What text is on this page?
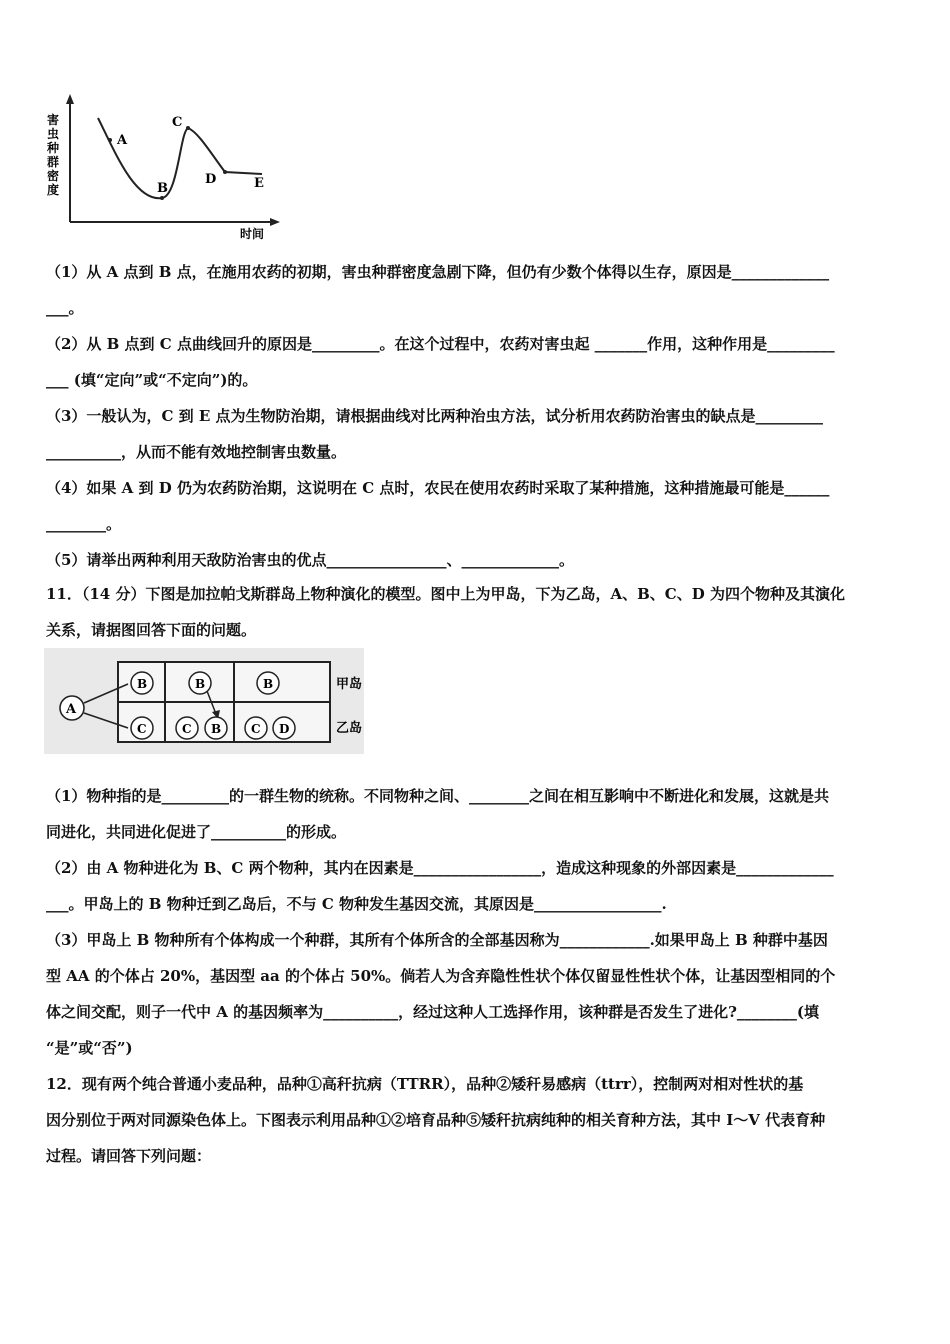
害
虫
种
群
密
度
时间
A
B
C
D	E
（1）从 A 点到 B 点，在施用农药的初期，害虫种群密度急剧下降，但仍有少数个体得以生存，原因是_____________
___。
（2）从 B 点到 C 点曲线回升的原因是_________。在这个过程中，农药对害虫起 _______作用，这种作用是_________
___ (填“定向”或“不定向”)的。
（3）一般认为，C 到 E 点为生物防治期，请根据曲线对比两种治虫方法，试分析用农药防治害虫的缺点是_________
__________，从而不能有效地控制害虫数量。
（4）如果 A 到 D 仍为农药防治期，这说明在 C 点时，农民在使用农药时采取了某种措施，这种措施最可能是______
________。
（5）请举出两种利用天敌防治害虫的优点________________、_____________。
11．（14 分）下图是加拉帕戈斯群岛上物种演化的模型。图中上为甲岛，下为乙岛，A、B、C、D 为四个物种及其演化
关系，请据图回答下面的问题。
A
B	B	B
C	C B C D
甲岛
乙岛
（1）物种指的是_________的一群生物的统称。不同物种之间、________之间在相互影响中不断进化和发展，这就是共
同进化，共同进化促进了__________的形成。
（2）由 A 物种进化为 B、C 两个物种，其内在因素是_________________，造成这种现象的外部因素是_____________
___。甲岛上的 B 物种迁到乙岛后，不与 C 物种发生基因交流，其原因是_________________.
（3）甲岛上 B 物种所有个体构成一个种群，其所有个体所含的全部基因称为____________.如果甲岛上 B 种群中基因
型 AA 的个体占 20%，基因型 aa 的个体占 50%。倘若人为含弃隐性性状个体仅留显性性状个体，让基因型相同的个
体之间交配，则子一代中 A 的基因频率为__________，经过这种人工选择作用，该种群是否发生了进化?________(填
“是”或“否”)
12．现有两个纯合普通小麦品种，品种①高秆抗病（TTRR），品种②矮秆易感病（ttrr），控制两对相对性状的基
因分别位于两对同源染色体上。下图表示利用品种①②培育品种⑤矮秆抗病纯种的相关育种方法，其中 I～V 代表育种
过程。请回答下列问题：
